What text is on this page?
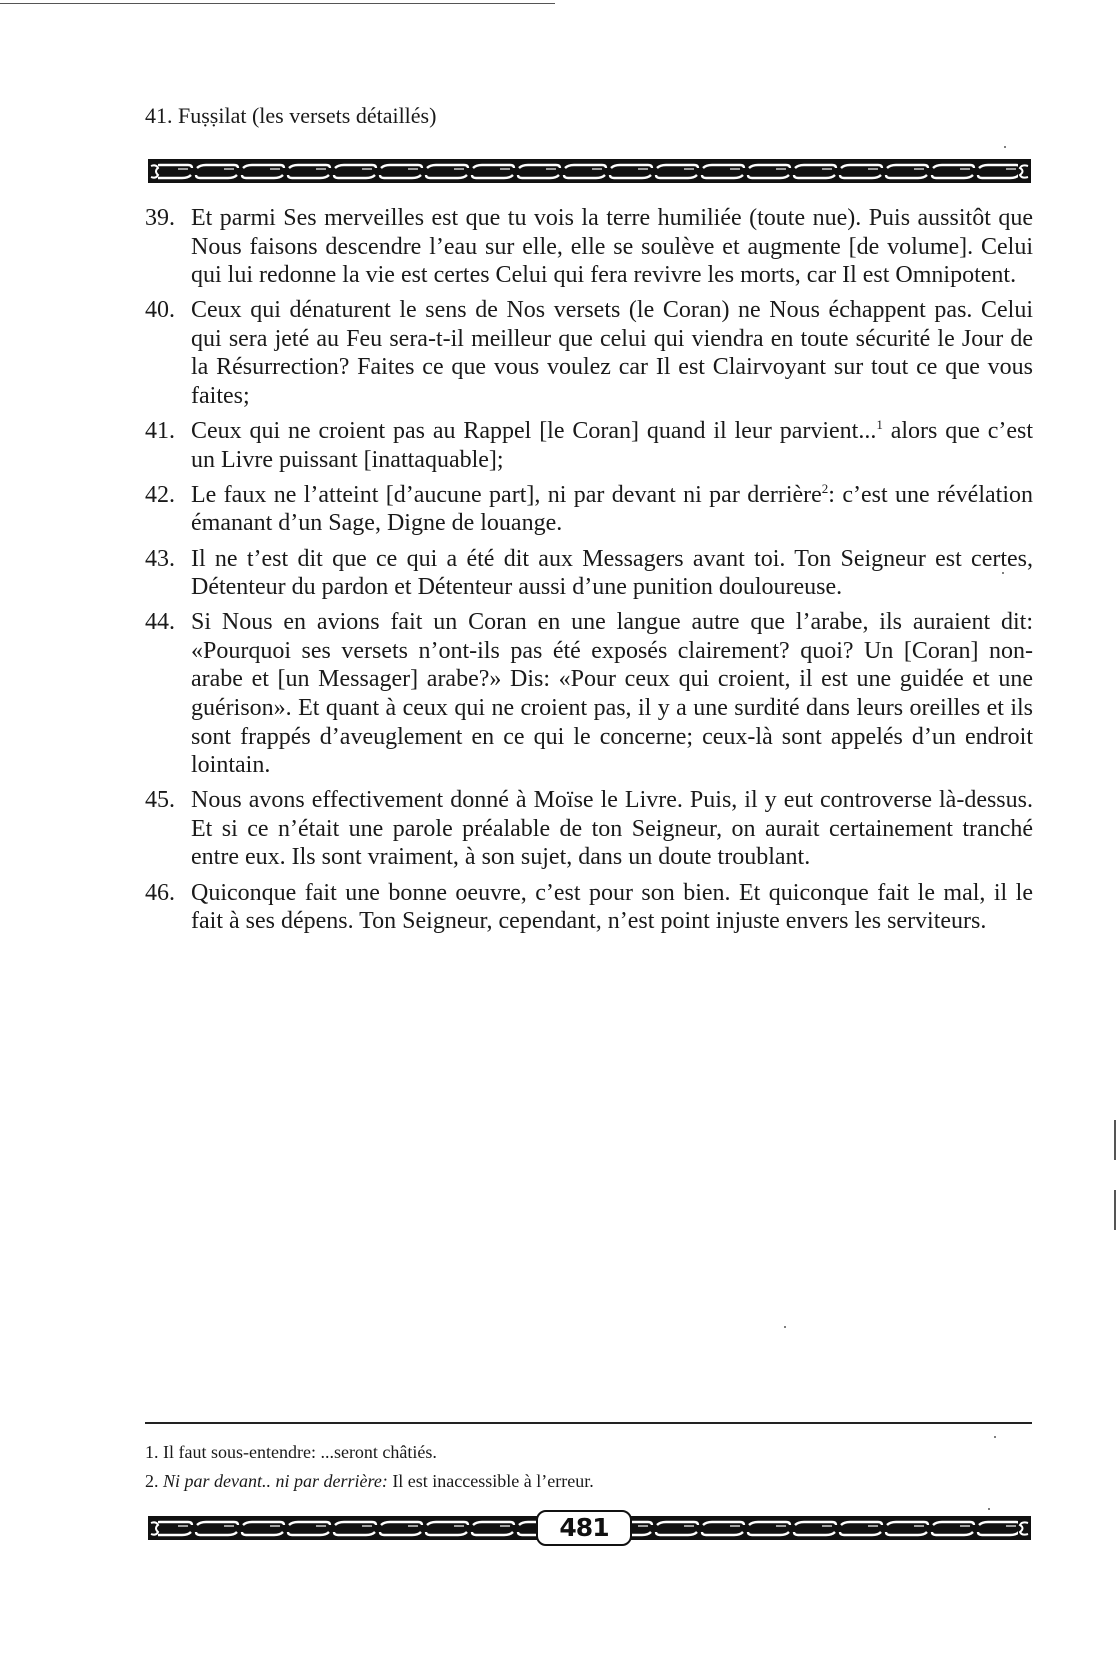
41. Fuṣṣilat (les versets détaillés)
39. Et parmi Ses merveilles est que tu vois la terre humiliée (toute nue). Puis aussitôt que Nous faisons descendre l’eau sur elle, elle se soulève et augmente [de volume]. Celui qui lui redonne la vie est certes Celui qui fera revivre les morts, car Il est Omnipotent.
40. Ceux qui dénaturent le sens de Nos versets (le Coran) ne Nous échappent pas. Celui qui sera jeté au Feu sera-t-il meilleur que celui qui viendra en toute sécurité le Jour de la Résurrection? Faites ce que vous voulez car Il est Clairvoyant sur tout ce que vous faites;
41. Ceux qui ne croient pas au Rappel [le Coran] quand il leur parvient...$^1$ alors que c’est un Livre puissant [inattaquable];
42. Le faux ne l’atteint [d’aucune part], ni par devant ni par derrière$^2$: c’est une révélation émanant d’un Sage, Digne de louange.
43. Il ne t’est dit que ce qui a été dit aux Messagers avant toi. Ton Seigneur est certes, Détenteur du pardon et Détenteur aussi d’une punition douloureuse.
44. Si Nous en avions fait un Coran en une langue autre que l’arabe, ils auraient dit: «Pourquoi ses versets n’ont-ils pas été exposés clairement? quoi? Un [Coran] non-arabe et [un Messager] arabe?» Dis: «Pour ceux qui croient, il est une guidée et une guérison». Et quant à ceux qui ne croient pas, il y a une surdité dans leurs oreilles et ils sont frappés d’aveuglement en ce qui le concerne; ceux-là sont appelés d’un endroit lointain.
45. Nous avons effectivement donné à Moïse le Livre. Puis, il y eut controverse là-dessus. Et si ce n’était une parole préalable de ton Seigneur, on aurait certainement tranché entre eux. Ils sont vraiment, à son sujet, dans un doute troublant.
46. Quiconque fait une bonne oeuvre, c’est pour son bien. Et quiconque fait le mal, il le fait à ses dépens. Ton Seigneur, cependant, n’est point injuste envers les serviteurs.
1. Il faut sous-entendre: ...seront châtiés.
2. Ni par devant.. ni par derrière: Il est inaccessible à l’erreur.
481
